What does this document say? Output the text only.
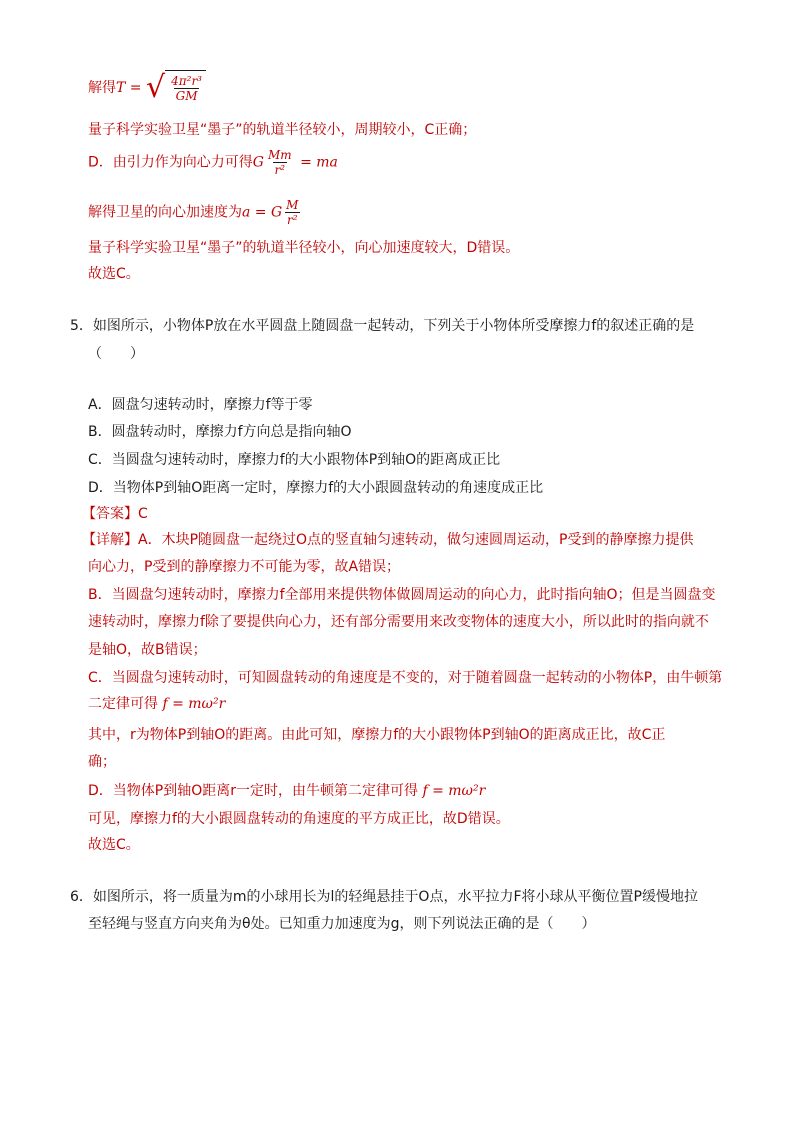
解得T = √ $\frac{\text{4π²r³}}{GM}$
量子科学实验卫星“墨子”的轨道半径较小，周期较小，C正确；
D．由引力作为向心力可得G $\frac{Mm}{\text{r²}}$ = ma
解得卫星的向心加速度为a = G $\frac{M}{\text{r²}}$
量子科学实验卫星“墨子”的轨道半径较小，向心加速度较大，D错误。
故选C。
5．如图所示，小物体P放在水平圆盘上随圆盘一起转动，下列关于小物体所受摩擦力f的叙述正确的是
（　　）
A．圆盘匀速转动时，摩擦力f等于零
B．圆盘转动时，摩擦力f方向总是指向轴O
C．当圆盘匀速转动时，摩擦力f的大小跟物体P到轴O的距离成正比
D．当物体P到轴O距离一定时，摩擦力f的大小跟圆盘转动的角速度成正比
【答案】C
【详解】A．木块P随圆盘一起绕过O点的竖直轴匀速转动，做匀速圆周运动，P受到的静摩擦力提供
向心力，P受到的静摩擦力不可能为零，故A错误；
B．当圆盘匀速转动时，摩擦力f全部用来提供物体做圆周运动的向心力，此时指向轴O；但是当圆盘变
速转动时，摩擦力f除了要提供向心力，还有部分需要用来改变物体的速度大小，所以此时的指向就不
是轴O，故B错误；
C．当圆盘匀速转动时，可知圆盘转动的角速度是不变的，对于随着圆盘一起转动的小物体P，由牛顿第
二定律可得 f = mω²r
其中，r为物体P到轴O的距离。由此可知，摩擦力f的大小跟物体P到轴O的距离成正比，故C正
确；
D．当物体P到轴O距离r一定时，由牛顿第二定律可得 f = mω²r
可见，摩擦力f的大小跟圆盘转动的角速度的平方成正比，故D错误。
故选C。
6．如图所示，将一质量为m的小球用长为l的轻绳悬挂于O点，水平拉力F将小球从平衡位置P缓慢地拉
至轻绳与竖直方向夹角为θ处。已知重力加速度为g，则下列说法正确的是（　　）
